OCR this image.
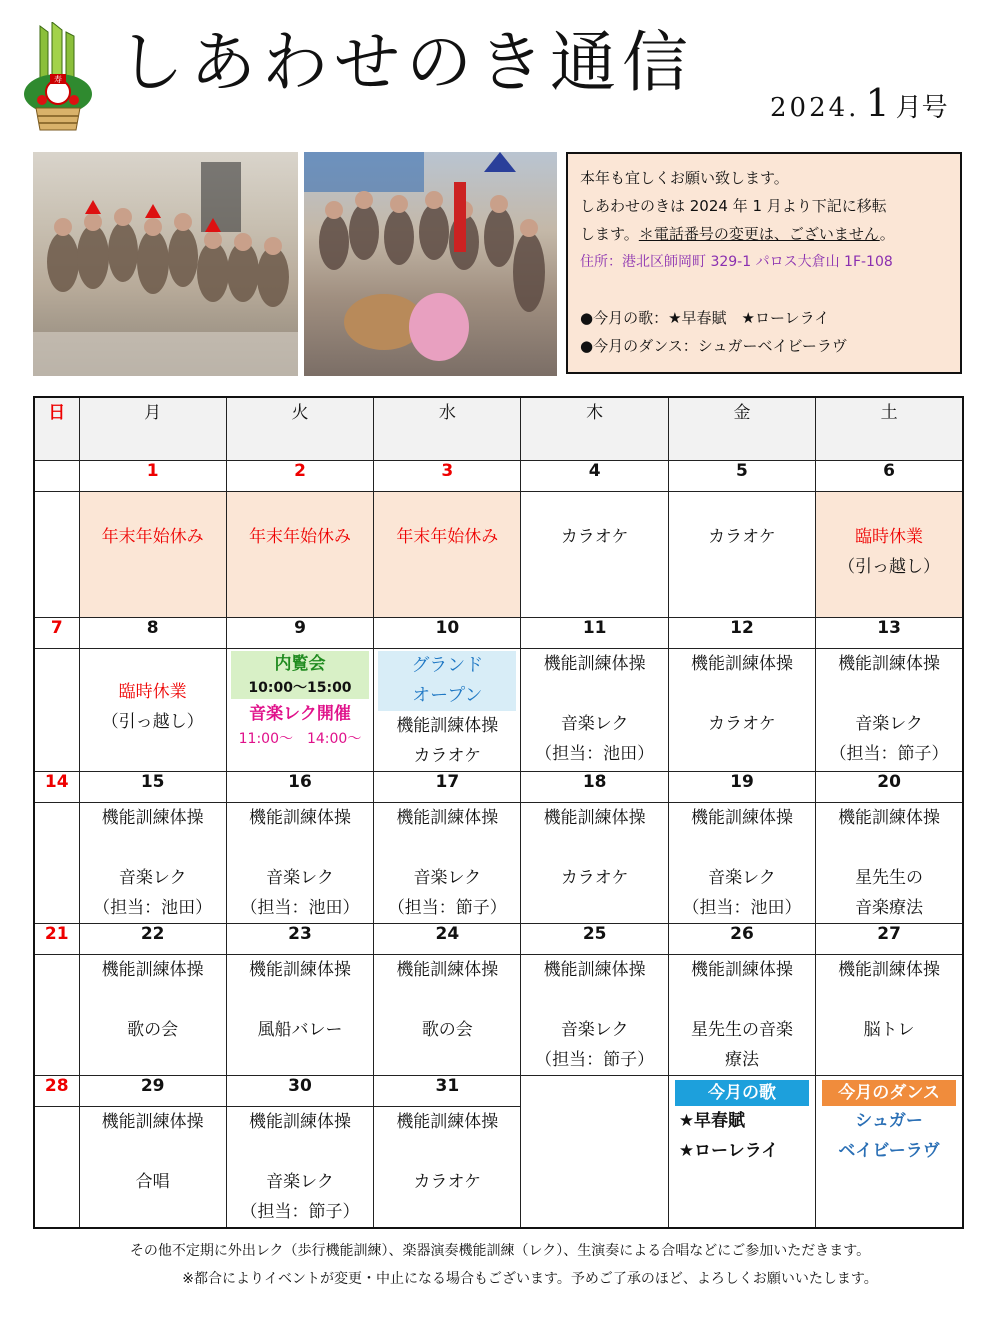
寿 しあわせのき通信
2024. 1 月号
本年も宜しくお願い致します。
しあわせのきは 2024 年 1 月より下記に移転
します。＊電話番号の変更は、ございません。
住所：港北区師岡町 329-1 パロス大倉山 1F-108
●今月の歌：★早春賦　★ローレライ
●今月のダンス：シュガーベイビーラヴ
日	月	火	水	木	金	土
	1	2	3	4	5	6

	年末年始休み	年末年始休み	年末年始休み	カラオケ	カラオケ	臨時休業
（引っ越し）

7	8	9	10	11	12	13

	臨時休業
（引っ越し）	内覧会
10:00～15:00
音楽レク開催
11:00～　14:00～	グランド
オープン
機能訓練体操
カラオケ	機能訓練体操
音楽レク
（担当：池田）	機能訓練体操
カラオケ	機能訓練体操
音楽レク
（担当：節子）

14	15	16	17	18	19	20

	機能訓練体操
音楽レク
（担当：池田）	機能訓練体操
音楽レク
（担当：池田）	機能訓練体操
音楽レク
（担当：節子）	機能訓練体操
カラオケ	機能訓練体操
音楽レク
（担当：池田）	機能訓練体操
星先生の
音楽療法

21	22	23	24	25	26	27

	機能訓練体操
歌の会	機能訓練体操
風船バレー	機能訓練体操
歌の会	機能訓練体操
音楽レク
（担当：節子）	機能訓練体操
星先生の音楽
療法	機能訓練体操
脳トレ

28	29	30	31		今月の歌
★早春賦
★ローレライ	今月のダンス
シュガー
ベイビーラヴ

	機能訓練体操
合唱	機能訓練体操
音楽レク
（担当：節子）	機能訓練体操
カラオケ			
その他不定期に外出レク（歩行機能訓練）、楽器演奏機能訓練（レク）、生演奏による合唱などにご参加いただきます。
※都合によりイベントが変更・中止になる場合もございます。予めご了承のほど、よろしくお願いいたします。
